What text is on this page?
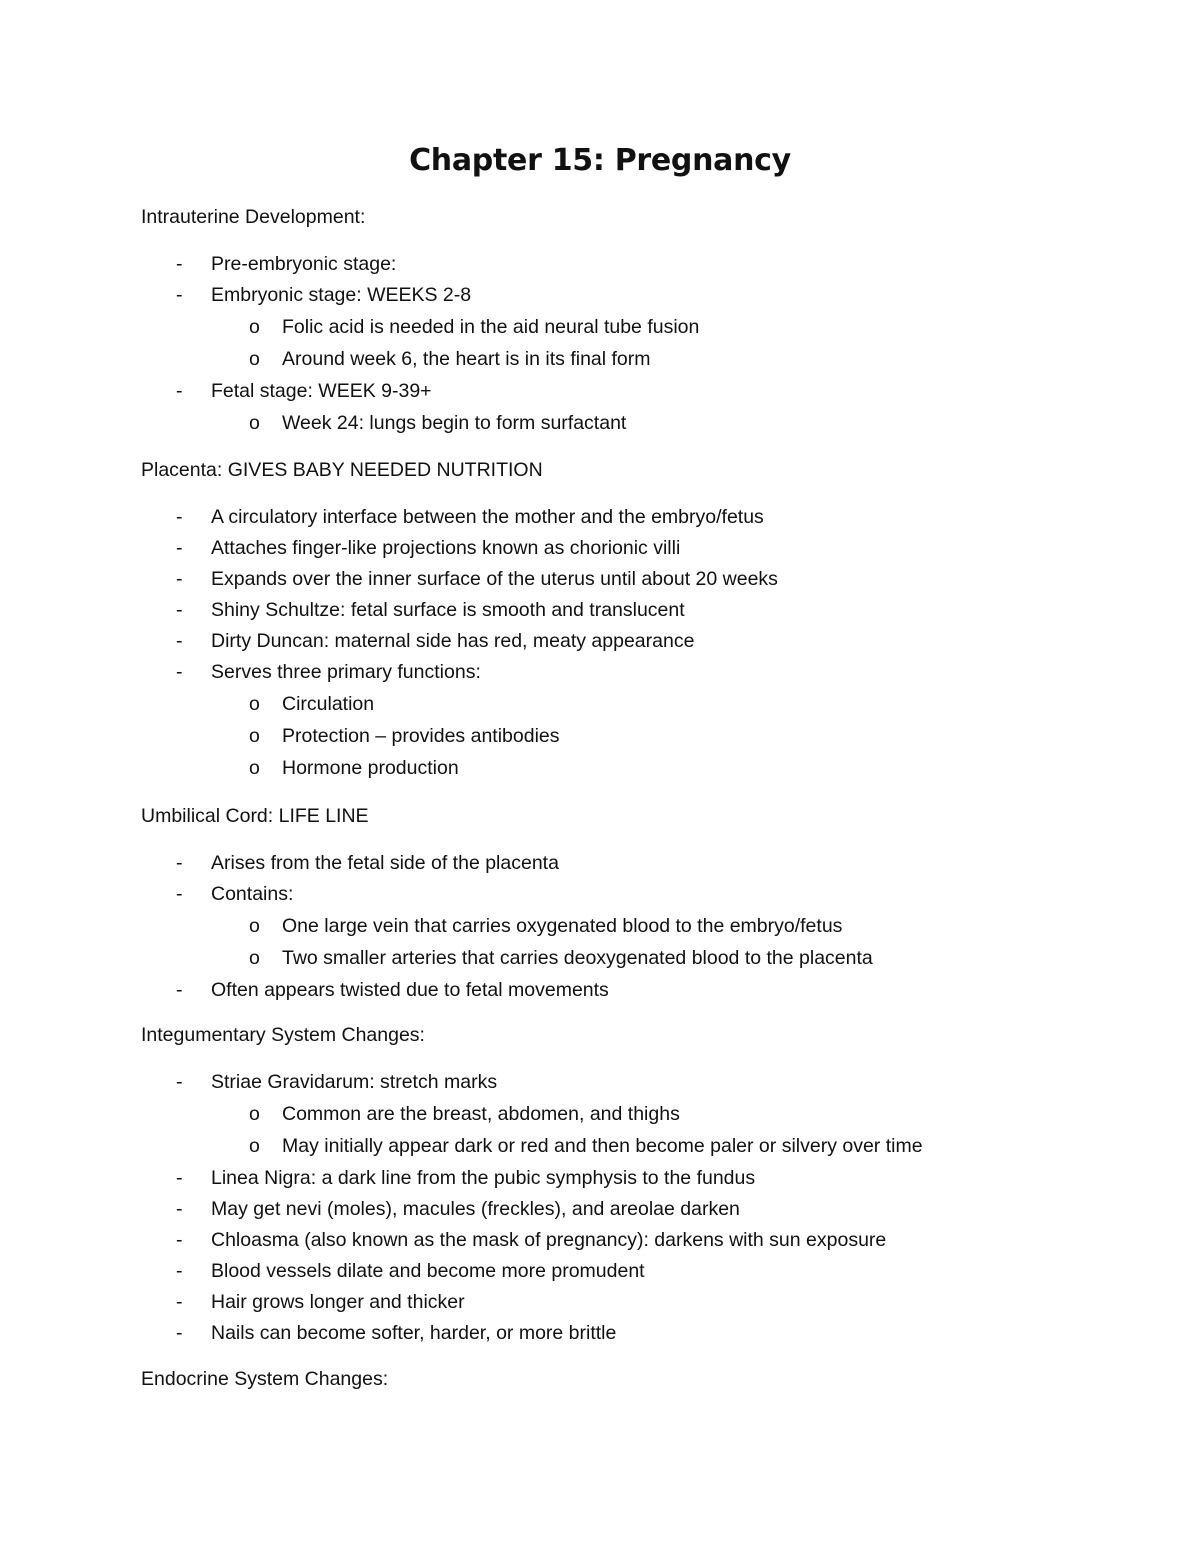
Chapter 15: Pregnancy
Intrauterine Development:
- Pre-embryonic stage:
- Embryonic stage: WEEKS 2-8
o Folic acid is needed in the aid neural tube fusion
o Around week 6, the heart is in its final form
- Fetal stage: WEEK 9-39+
o Week 24: lungs begin to form surfactant
Placenta: GIVES BABY NEEDED NUTRITION
- A circulatory interface between the mother and the embryo/fetus
- Attaches finger-like projections known as chorionic villi
- Expands over the inner surface of the uterus until about 20 weeks
- Shiny Schultze: fetal surface is smooth and translucent
- Dirty Duncan: maternal side has red, meaty appearance
- Serves three primary functions:
o Circulation
o Protection – provides antibodies
o Hormone production
Umbilical Cord: LIFE LINE
- Arises from the fetal side of the placenta
- Contains:
o One large vein that carries oxygenated blood to the embryo/fetus
o Two smaller arteries that carries deoxygenated blood to the placenta
- Often appears twisted due to fetal movements
Integumentary System Changes:
- Striae Gravidarum: stretch marks
o Common are the breast, abdomen, and thighs
o May initially appear dark or red and then become paler or silvery over time
- Linea Nigra: a dark line from the pubic symphysis to the fundus
- May get nevi (moles), macules (freckles), and areolae darken
- Chloasma (also known as the mask of pregnancy): darkens with sun exposure
- Blood vessels dilate and become more promudent
- Hair grows longer and thicker
- Nails can become softer, harder, or more brittle
Endocrine System Changes:
